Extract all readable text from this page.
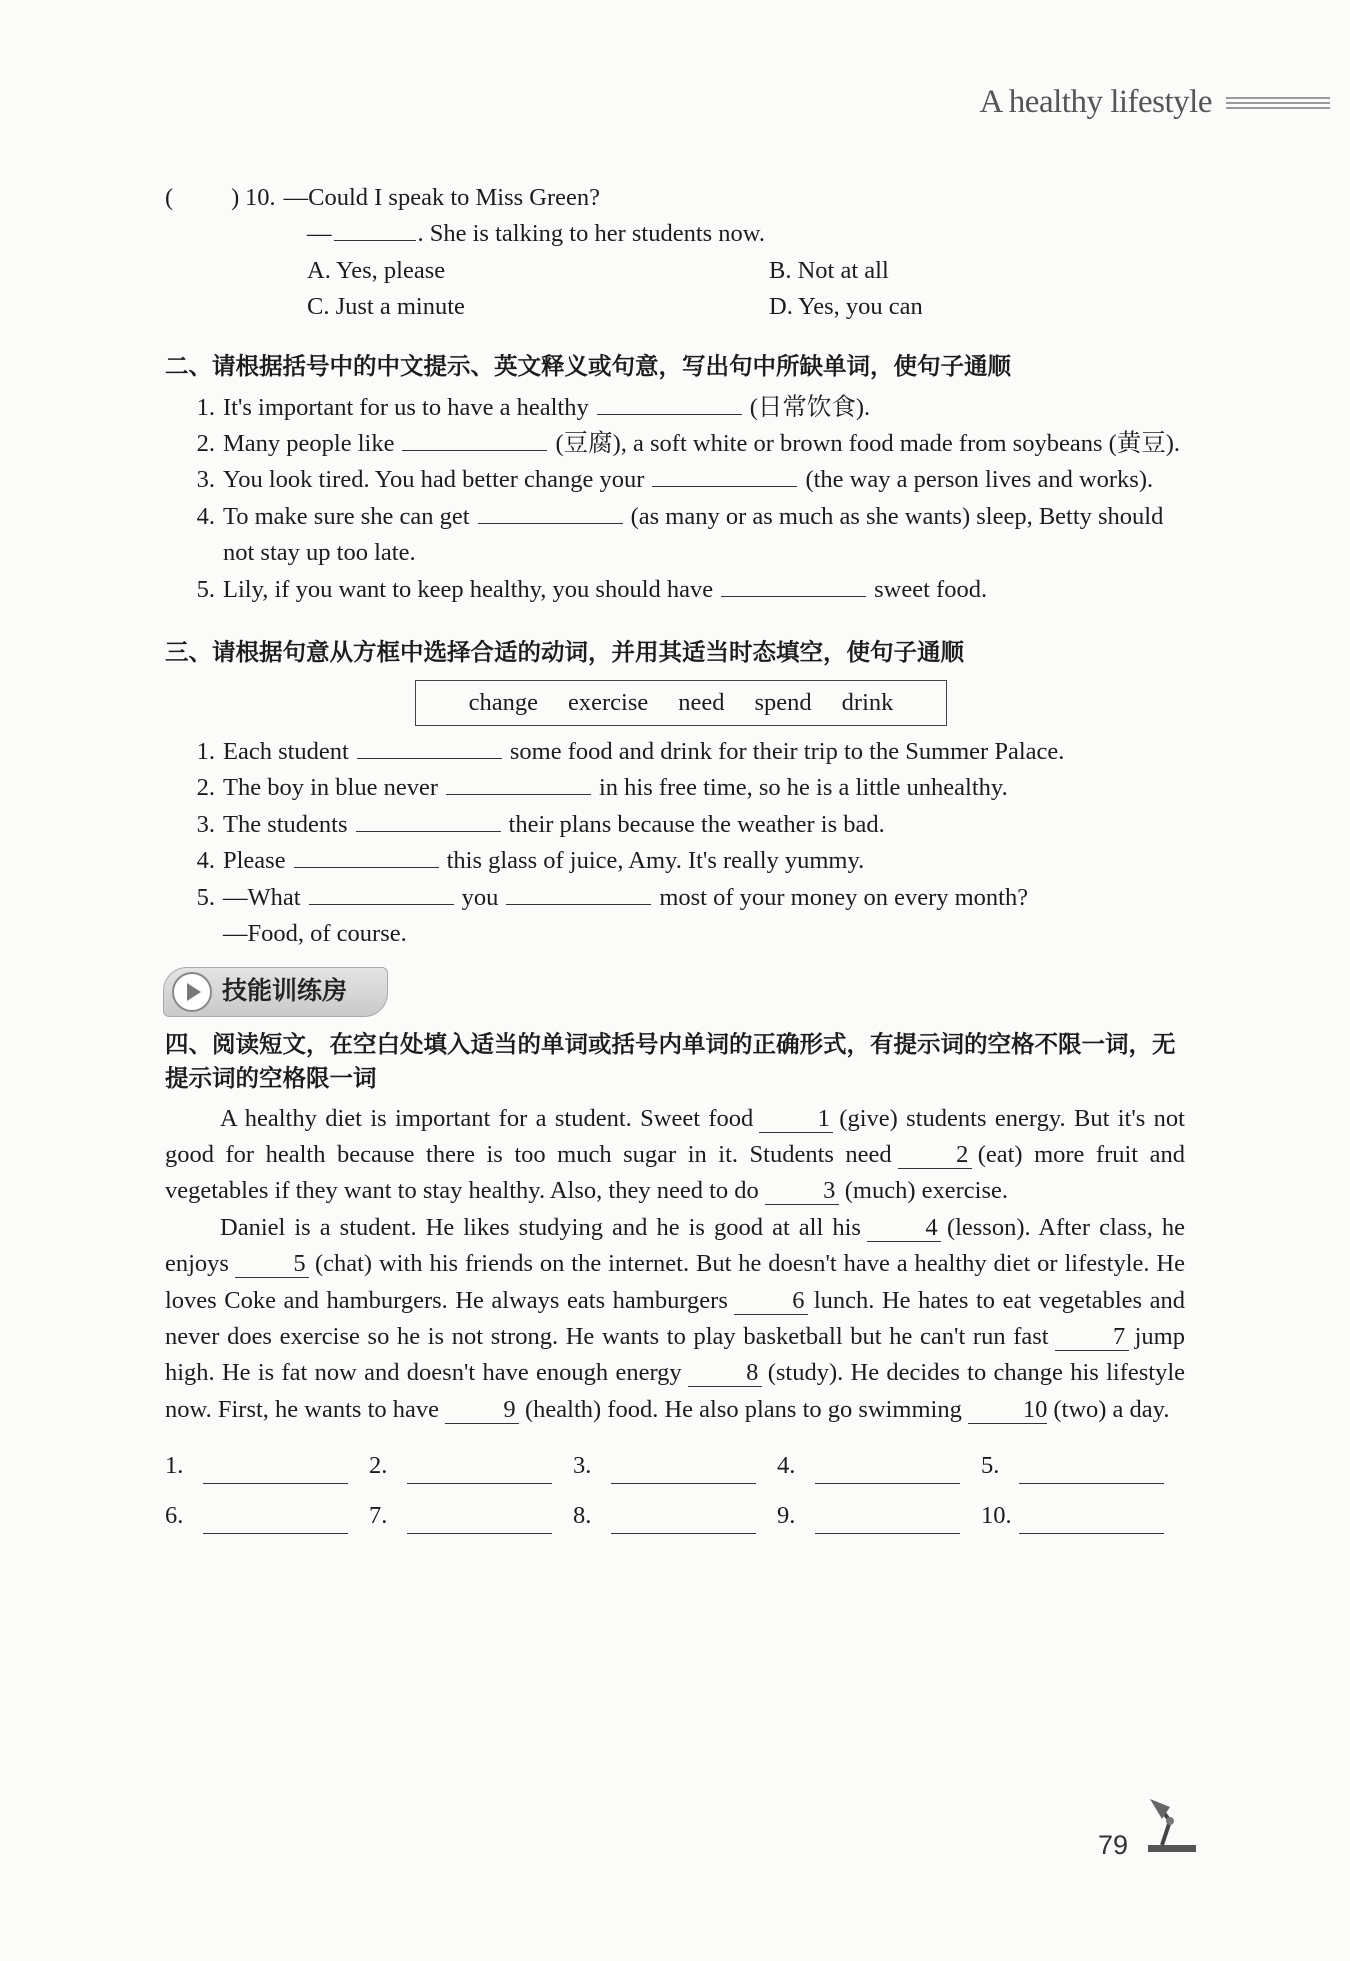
A healthy lifestyle
( ) 10. —Could I speak to Miss Green?
—	. She is talking to her students now.
A. Yes, please	B. Not at all
C. Just a minute	D. Yes, you can
二、请根据括号中的中文提示、英文释义或句意，写出句中所缺单词，使句子通顺
1. It's important for us to have a healthy	(日常饮食).
2. Many people like	(豆腐), a soft white or brown food made from soybeans (黄豆).
3. You look tired. You had better change your	(the way a person lives and works).
4. To make sure she can get	(as many or as much as she wants) sleep, Betty should not stay up too late.
5. Lily, if you want to keep healthy, you should have	sweet food.
三、请根据句意从方框中选择合适的动词，并用其适当时态填空，使句子通顺
change exercise need spend drink
1. Each student	some food and drink for their trip to the Summer Palace.
2. The boy in blue never	in his free time, so he is a little unhealthy.
3. The students	their plans because the weather is bad.
4. Please	this glass of juice, Amy. It's really yummy.
5. —What	you	most of your money on every month?
—Food, of course.
技能训练房
四、阅读短文，在空白处填入适当的单词或括号内单词的正确形式，有提示词的空格不限一词，无提示词的空格限一词
A healthy diet is important for a student. Sweet food	1 (give) students energy. But it's not good for health because there is too much sugar in it. Students need	2 (eat) more fruit and vegetables if they want to stay healthy. Also, they need to do	3 (much) exercise.
Daniel is a student. He likes studying and he is good at all his	4 (lesson). After class, he enjoys	5 (chat) with his friends on the internet. But he doesn't have a healthy diet or lifestyle. He loves Coke and hamburgers. He always eats hamburgers	6 lunch. He hates to eat vegetables and never does exercise so he is not strong. He wants to play basketball but he can't run fast	7 jump high. He is fat now and doesn't have enough energy	8 (study). He decides to change his lifestyle now. First, he wants to have	9 (health) food. He also plans to go swimming 10 (two) a day.
1.	2.	3.	4.	5.
6.	7.	8.	9.	10.
79
